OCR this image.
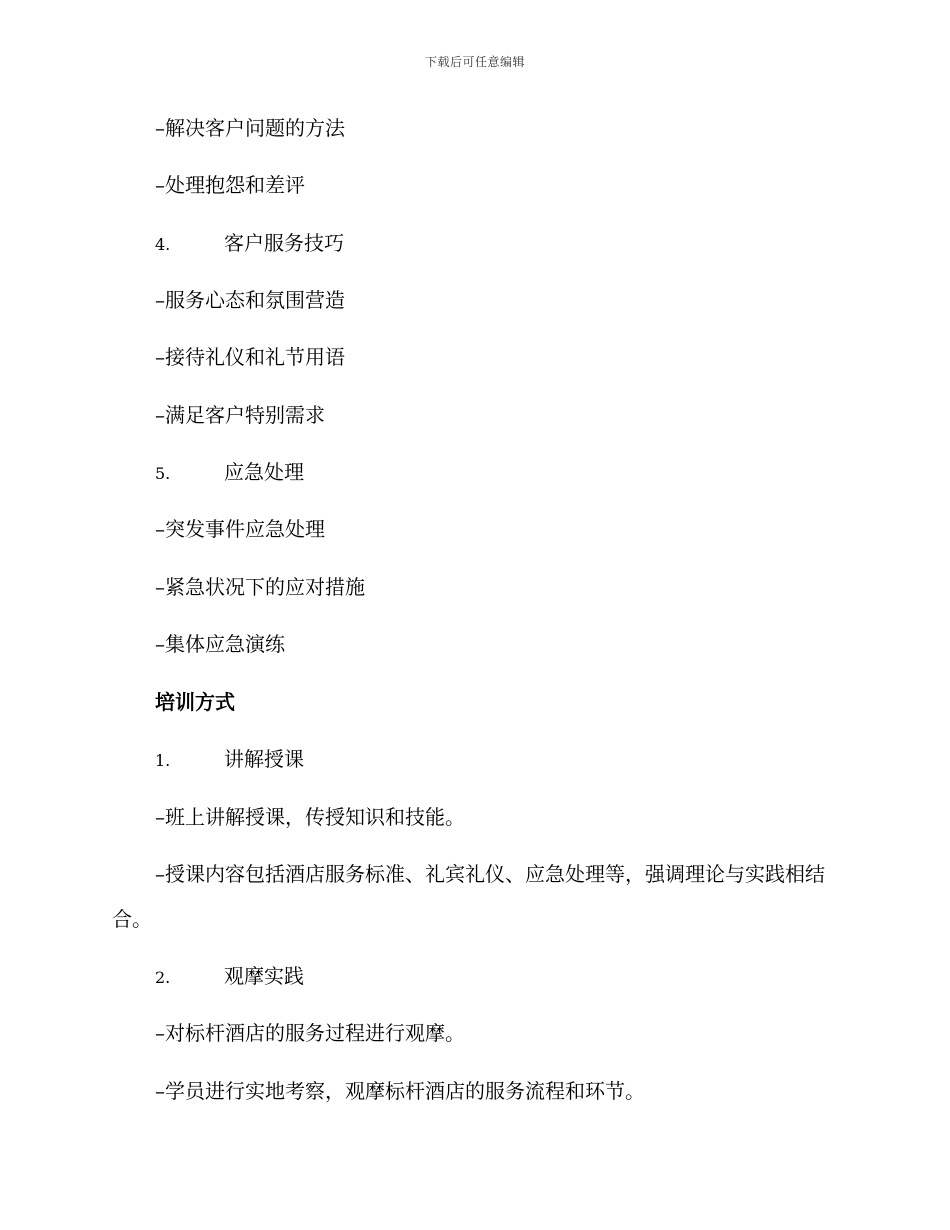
下载后可任意编辑
–解决客户问题的方法
–处理抱怨和差评
4.	客户服务技巧
–服务心态和氛围营造
–接待礼仪和礼节用语
–满足客户特别需求
5.	应急处理
–突发事件应急处理
–紧急状况下的应对措施
–集体应急演练
培训方式
1.	讲解授课
–班上讲解授课，传授知识和技能。
–授课内容包括酒店服务标准、礼宾礼仪、应急处理等，强调理论与实践相结合。
2.	观摩实践
–对标杆酒店的服务过程进行观摩。
–学员进行实地考察，观摩标杆酒店的服务流程和环节。
